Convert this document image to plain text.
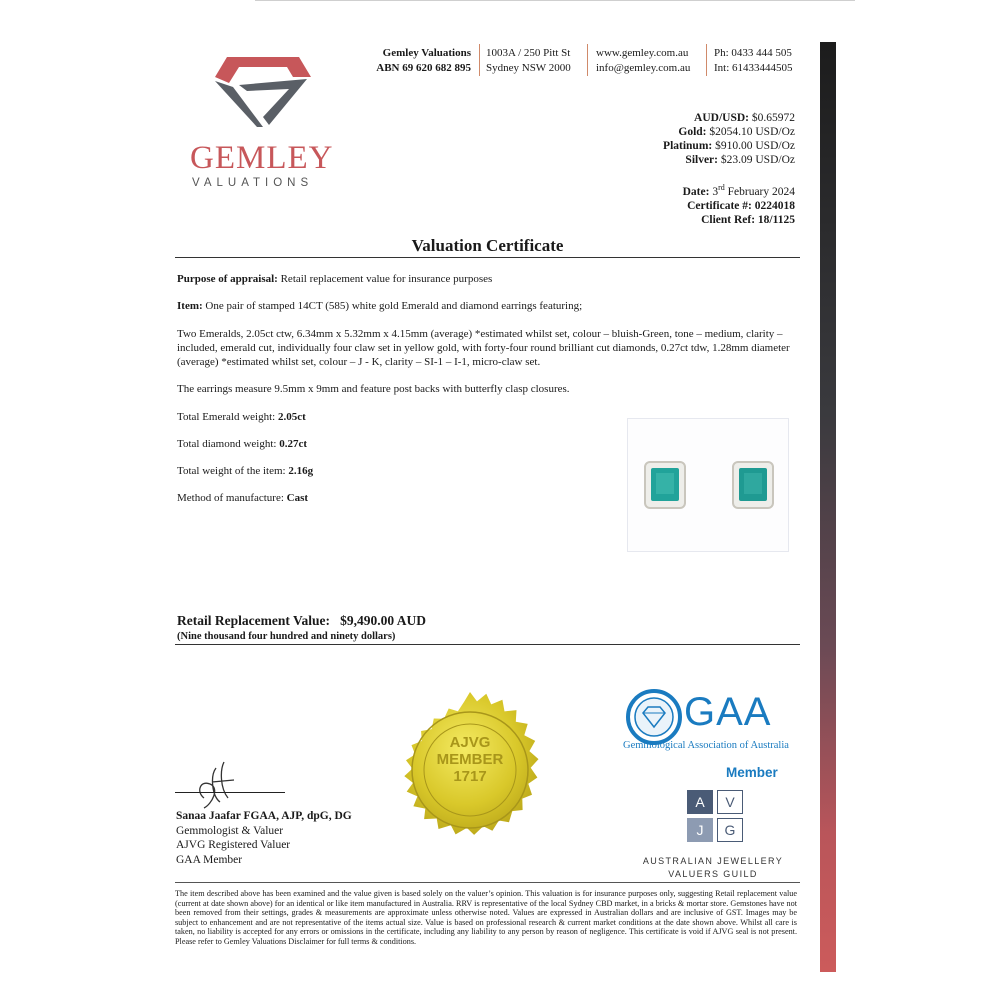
GEMLEY
VALUATIONS
Gemley Valuations
ABN 69 620 682 895
1003A / 250 Pitt St
Sydney NSW 2000
www.gemley.com.au
info@gemley.com.au
Ph: 0433 444 505
Int: 61433444505
AUD/USD: $0.65972
Gold: $2054.10 USD/Oz
Platinum: $910.00 USD/Oz
Silver: $23.09 USD/Oz
Date: 3rd February 2024
Certificate #: 0224018
Client Ref: 18/1125
Valuation Certificate
Purpose of appraisal: Retail replacement value for insurance purposes
Item: One pair of stamped 14CT (585) white gold Emerald and diamond earrings featuring;
Two Emeralds, 2.05ct ctw, 6.34mm x 5.32mm x 4.15mm (average) *estimated whilst set, colour – bluish-Green, tone – medium, clarity – included, emerald cut, individually four claw set in yellow gold, with forty-four round brilliant cut diamonds, 0.27ct tdw, 1.28mm diameter (average) *estimated whilst set, colour – J - K, clarity – SI-1 – I-1, micro-claw set.
The earrings measure 9.5mm x 9mm and feature post backs with butterfly clasp closures.
Total Emerald weight: 2.05ct
Total diamond weight: 0.27ct
Total weight of the item: 2.16g
Method of manufacture: Cast
Retail Replacement Value: $9,490.00 AUD
(Nine thousand four hundred and ninety dollars)
Sanaa Jaafar FGAA, AJP, dpG, DG
Gemmologist & Valuer
AJVG Registered Valuer
GAA Member
AJVG
MEMBER
1717
GAA
Gemmological Association of Australia
Member
A	V
J	G
AUSTRALIAN JEWELLERY
VALUERS GUILD
The item described above has been examined and the value given is based solely on the valuer’s opinion. This valuation is for insurance purposes only, suggesting Retail replacement value (current at date shown above) for an identical or like item manufactured in Australia. RRV is representative of the local Sydney CBD market, in a bricks & mortar store. Gemstones have not been removed from their settings, grades & measurements are approximate unless otherwise noted. Values are expressed in Australian dollars and are inclusive of GST. Images may be subject to enhancement and are not representative of the items actual size. Value is based on professional research & current market conditions at the date shown above. Whilst all care is taken, no liability is accepted for any errors or omissions in the certificate, including any liability to any person by reason of negligence. This certificate is void if AJVG seal is not present. Please refer to Gemley Valuations Disclaimer for full terms & conditions.
